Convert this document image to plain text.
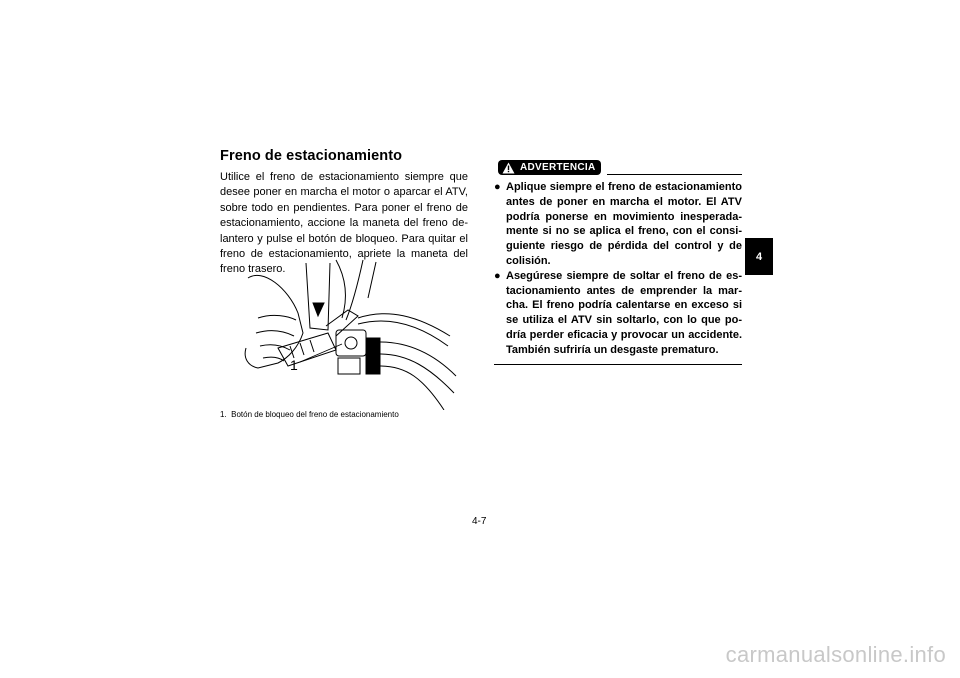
Freno de estacionamiento

Utilice el freno de estacionamiento siempre que desee poner en marcha el motor o aparcar el ATV, sobre todo en pendientes. Para poner el freno de estacionamiento, accione la maneta del freno de- lantero y pulse el botón de bloqueo. Para quitar el freno de estacionamiento, apriete la maneta del freno trasero.

1
1.  Botón de bloqueo del freno de estacionamiento
ADVERTENCIA
● Aplique siempre el freno de estacionamiento antes de poner en marcha el motor. El ATV podría ponerse en movimiento inesperada- mente si no se aplica el freno, con el consi- guiente riesgo de pérdida del control y de colisión.
● Asegúrese siempre de soltar el freno de es- tacionamiento antes de emprender la mar- cha. El freno podría calentarse en exceso si se utiliza el ATV sin soltarlo, con lo que po- dría perder eficacia y provocar un accidente. También sufriría un desgaste prematuro.
4
4-7
carmanualsonline.info
